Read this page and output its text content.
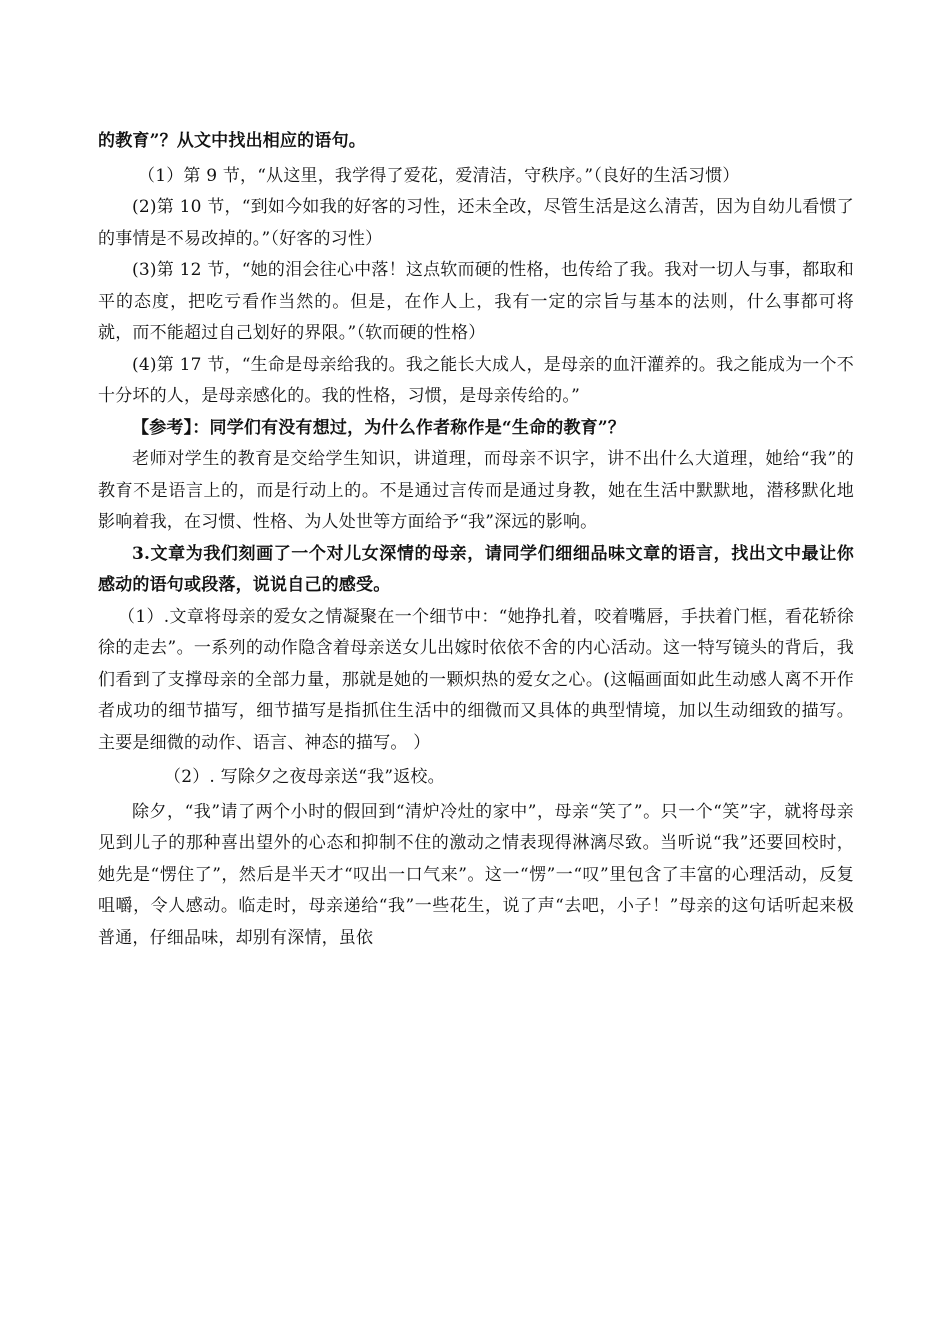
的教育”？从文中找出相应的语句。

（1）第 9 节，“从这里，我学得了爱花，爱清洁，守秩序。”（良好的生活习惯）

(2)第 10 节，“到如今如我的好客的习性，还未全改，尽管生活是这么清苦，因为自幼儿看惯了的事情是不易改掉的。”（好客的习性）

(3)第 12 节，“她的泪会往心中落！这点软而硬的性格，也传给了我。我对一切人与事，都取和平的态度，把吃亏看作当然的。但是，在作人上，我有一定的宗旨与基本的法则，什么事都可将就，而不能超过自己划好的界限。”（软而硬的性格）

(4)第 17 节，“生命是母亲给我的。我之能长大成人，是母亲的血汗灌养的。我之能成为一个不十分坏的人，是母亲感化的。我的性格，习惯，是母亲传给的。”

【参考】：同学们有没有想过，为什么作者称作是“生命的教育”？

老师对学生的教育是交给学生知识，讲道理，而母亲不识字，讲不出什么大道理，她给“我”的教育不是语言上的，而是行动上的。不是通过言传而是通过身教，她在生活中默默地，潜移默化地影响着我，在习惯、性格、为人处世等方面给予“我”深远的影响。

3.文章为我们刻画了一个对儿女深情的母亲，请同学们细细品味文章的语言，找出文中最让你感动的语句或段落，说说自己的感受。

（1）.文章将母亲的爱女之情凝聚在一个细节中：“她挣扎着，咬着嘴唇，手扶着门框，看花轿徐徐的走去”。一系列的动作隐含着母亲送女儿出嫁时依依不舍的内心活动。这一特写镜头的背后，我们看到了支撑母亲的全部力量，那就是她的一颗炽热的爱女之心。(这幅画面如此生动感人离不开作者成功的细节描写，细节描写是指抓住生活中的细微而又具体的典型情境，加以生动细致的描写。主要是细微的动作、语言、神态的描写。 ）

（2）. 写除夕之夜母亲送“我”返校。

除夕，“我”请了两个小时的假回到“清炉冷灶的家中”，母亲“笑了”。只一个“笑”字，就将母亲见到儿子的那种喜出望外的心态和抑制不住的激动之情表现得淋漓尽致。当听说“我”还要回校时，她先是“愣住了”，然后是半天才“叹出一口气来”。这一“愣”一“叹”里包含了丰富的心理活动，反复咀嚼，令人感动。临走时，母亲递给“我”一些花生，说了声“去吧，小子！”母亲的这句话听起来极普通，仔细品味，却别有深情，虽依
